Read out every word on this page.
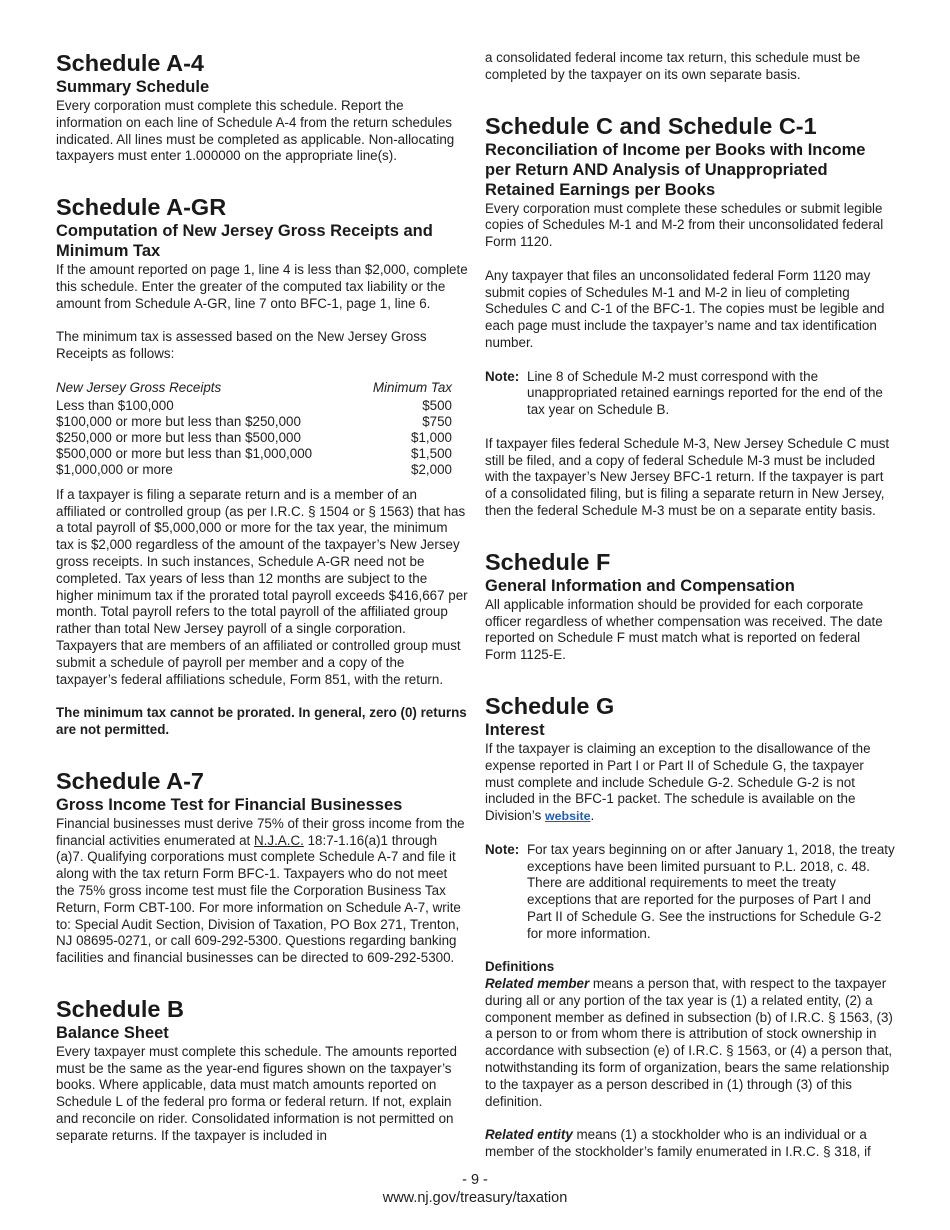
Schedule A-4
Summary Schedule

Every corporation must complete this schedule. Report the information on each line of Schedule A-4 from the return schedules indicated. All lines must be completed as applicable. Non-allocating taxpayers must enter 1.000000 on the appropriate line(s).

Schedule A-GR
Computation of New Jersey Gross Receipts and Minimum Tax

If the amount reported on page 1, line 4 is less than $2,000, complete this schedule. Enter the greater of the computed tax liability or the amount from Schedule A-GR, line 7 onto BFC-1, page 1, line 6.

The minimum tax is assessed based on the New Jersey Gross Receipts as follows:

New Jersey Gross Receipts	Minimum Tax
Less than $100,000	$500
$100,000 or more but less than $250,000	$750
$250,000 or more but less than $500,000	$1,000
$500,000 or more but less than $1,000,000	$1,500
$1,000,000 or more	$2,000

If a taxpayer is filing a separate return and is a member of an affiliated or controlled group (as per I.R.C. § 1504 or § 1563) that has a total payroll of $5,000,000 or more for the tax year, the minimum tax is $2,000 regardless of the amount of the taxpayer’s New Jersey gross receipts. In such instances, Schedule A-GR need not be completed. Tax years of less than 12 months are subject to the higher minimum tax if the prorated total payroll exceeds $416,667 per month. Total payroll refers to the total payroll of the affiliated group rather than total New Jersey payroll of a single corporation. Taxpayers that are members of an affiliated or controlled group must submit a schedule of payroll per member and a copy of the taxpayer’s federal affiliations schedule, Form 851, with the return.

The minimum tax cannot be prorated. In general, zero (0) returns are not permitted.

Schedule A-7
Gross Income Test for Financial Businesses

Financial businesses must derive 75% of their gross income from the financial activities enumerated at N.J.A.C. 18:7-1.16(a)1 through (a)7. Qualifying corporations must complete Schedule A-7 and file it along with the tax return Form BFC-1. Taxpayers who do not meet the 75% gross income test must file the Corporation Business Tax Return, Form CBT-100. For more information on Schedule A-7, write to: Special Audit Section, Division of Taxation, PO Box 271, Trenton, NJ 08695-0271, or call 609-292-5300. Questions regarding banking facilities and financial businesses can be directed to 609-292-5300.

Schedule B
Balance Sheet

Every taxpayer must complete this schedule. The amounts reported must be the same as the year-end figures shown on the taxpayer’s books. Where applicable, data must match amounts reported on Schedule L of the federal pro forma or federal return. If not, explain and reconcile on rider. Consolidated information is not permitted on separate returns. If the taxpayer is included in

a consolidated federal income tax return, this schedule must be completed by the taxpayer on its own separate basis.

Schedule C and Schedule C-1
Reconciliation of Income per Books with Income per Return AND Analysis of Unappropriated Retained Earnings per Books

Every corporation must complete these schedules or submit legible copies of Schedules M-1 and M-2 from their unconsolidated federal Form 1120.

Any taxpayer that files an unconsolidated federal Form 1120 may submit copies of Schedules M-1 and M-2 in lieu of completing Schedules C and C-1 of the BFC-1. The copies must be legible and each page must include the taxpayer’s name and tax identification number.

Note: Line 8 of Schedule M-2 must correspond with the unappropriated retained earnings reported for the end of the tax year on Schedule B.

If taxpayer files federal Schedule M-3, New Jersey Schedule C must still be filed, and a copy of federal Schedule M-3 must be included with the taxpayer’s New Jersey BFC-1 return. If the taxpayer is part of a consolidated filing, but is filing a separate return in New Jersey, then the federal Schedule M-3 must be on a separate entity basis.

Schedule F
General Information and Compensation

All applicable information should be provided for each corporate officer regardless of whether compensation was received. The date reported on Schedule F must match what is reported on federal Form 1125-E.

Schedule G
Interest

If the taxpayer is claiming an exception to the disallowance of the expense reported in Part I or Part II of Schedule G, the taxpayer must complete and include Schedule G-2. Schedule G-2 is not included in the BFC-1 packet. The schedule is available on the Division’s website.

Note: For tax years beginning on or after January 1, 2018, the treaty exceptions have been limited pursuant to P.L. 2018, c. 48. There are additional requirements to meet the treaty exceptions that are reported for the purposes of Part I and Part II of Schedule G. See the instructions for Schedule G-2 for more information.

Definitions

Related member means a person that, with respect to the taxpayer during all or any portion of the tax year is (1) a related entity, (2) a component member as defined in subsection (b) of I.R.C. § 1563, (3) a person to or from whom there is attribution of stock ownership in accordance with subsection (e) of I.R.C. § 1563, or (4) a person that, notwithstanding its form of organization, bears the same relationship to the taxpayer as a person described in (1) through (3) of this definition.

Related entity means (1) a stockholder who is an individual or a member of the stockholder’s family enumerated in I.R.C. § 318, if

- 9 -
www.nj.gov/treasury/taxation
